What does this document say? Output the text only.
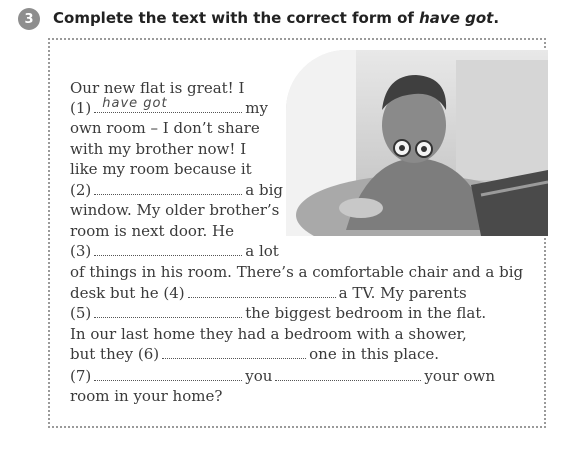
3 Complete the text with the correct form of have got.
Our new flat is great! I
(1) have got	my
own room – I don’t share
with my brother now! I
like my room because it
(2)	a big
window. My older brother’s
room is next door. He
(3)	a lot
of things in his room. There’s a comfortable chair and a big
desk but he (4)	a TV. My parents
(5)	the biggest bedroom in the flat.
In our last home they had a bedroom with a shower,
but they (6)	one in this place.
(7)	you	your own
room in your home?
